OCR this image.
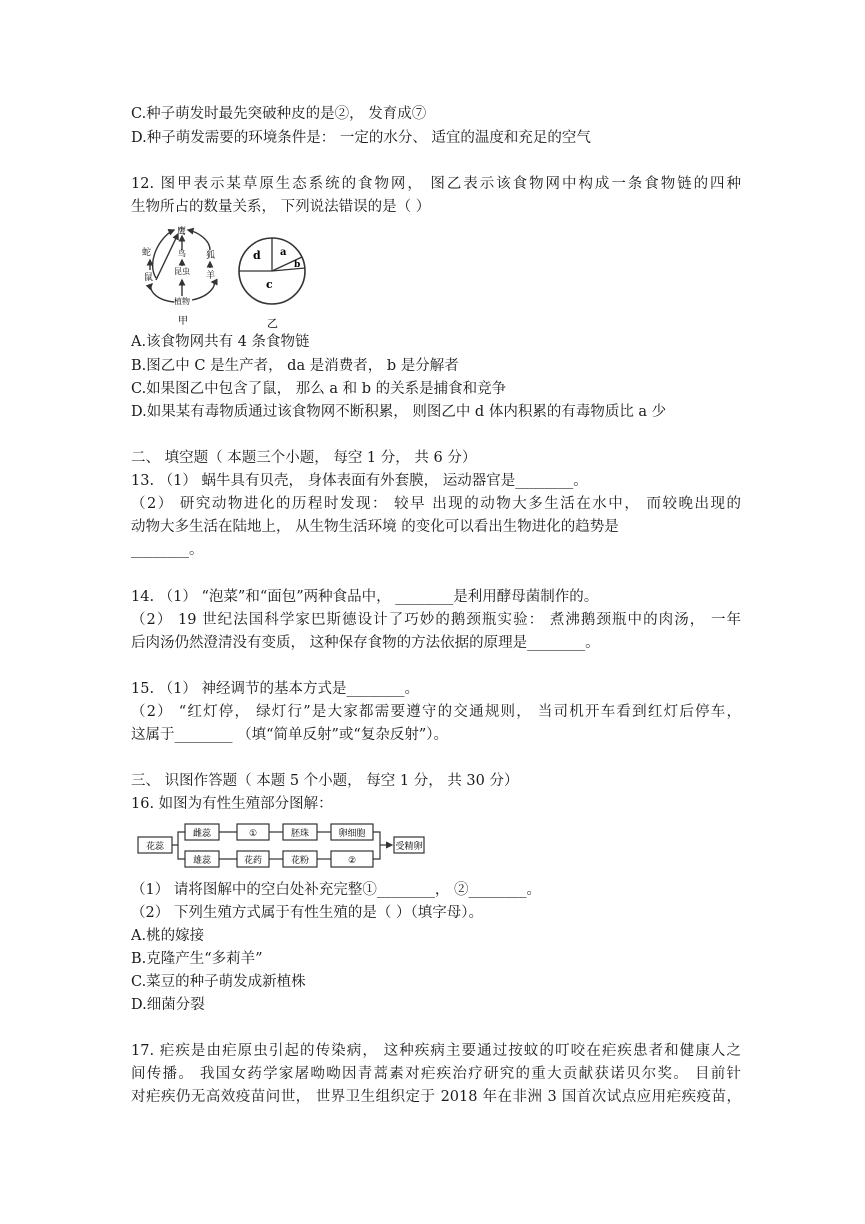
C.种子萌发时最先突破种皮的是②， 发育成⑦
D.种子萌发需要的环境条件是： 一定的水分、 适宜的温度和充足的空气
12. 图甲表示某草原生态系统的食物网， 图乙表示该食物网中构成一条食物链的四种
生物所占的数量关系， 下列说法错误的是（ ）
鹰
蛇	鸟 狐
昆虫 羊
鼠
植物
甲
d a
b
c
乙
A.该食物网共有 4 条食物链
B.图乙中 C 是生产者， da 是消费者， b 是分解者
C.如果图乙中包含了鼠， 那么 a 和 b 的关系是捕食和竞争
D.如果某有毒物质通过该食物网不断积累， 则图乙中 d 体内积累的有毒物质比 a 少
二、 填空题（ 本题三个小题， 每空 1 分， 共 6 分）
13. （1） 蜗牛具有贝壳， 身体表面有外套膜， 运动器官是________。
（2） 研究动物进化的历程时发现： 较早 出现的动物大多生活在水中， 而较晚出现的
动物大多生活在陆地上， 从生物生活环境 的变化可以看出生物进化的趋势是
________。
14. （1） “泡菜”和“面包”两种食品中， ________是利用酵母菌制作的。
（2） 19 世纪法国科学家巴斯德设计了巧妙的鹅颈瓶实验： 煮沸鹅颈瓶中的肉汤， 一年
后肉汤仍然澄清没有变质， 这种保存食物的方法依据的原理是________。
15. （1） 神经调节的基本方式是________。
（2） “红灯停， 绿灯行”是大家都需要遵守的交通规则， 当司机开车看到红灯后停车，
这属于________ （填“简单反射”或“复杂反射”）。
三、 识图作答题（ 本题 5 个小题， 每空 1 分， 共 30 分）
16. 如图为有性生殖部分图解：
花蕊
雌蕊	①	胚珠	卵细胞
雄蕊	花药	花粉	②
受精卵
（1） 请将图解中的空白处补充完整①________， ②________。
（2） 下列生殖方式属于有性生殖的是（ ）（填字母）。
A.桃的嫁接
B.克隆产生“多莉羊”
C.菜豆的种子萌发成新植株
D.细菌分裂
17. 疟疾是由疟原虫引起的传染病， 这种疾病主要通过按蚊的叮咬在疟疾患者和健康人之
间传播。 我国女药学家屠呦呦因青蒿素对疟疾治疗研究的重大贡献获诺贝尔奖。 目前针
对疟疾仍无高效疫苗问世， 世界卫生组织定于 2018 年在非洲 3 国首次试点应用疟疾疫苗，
